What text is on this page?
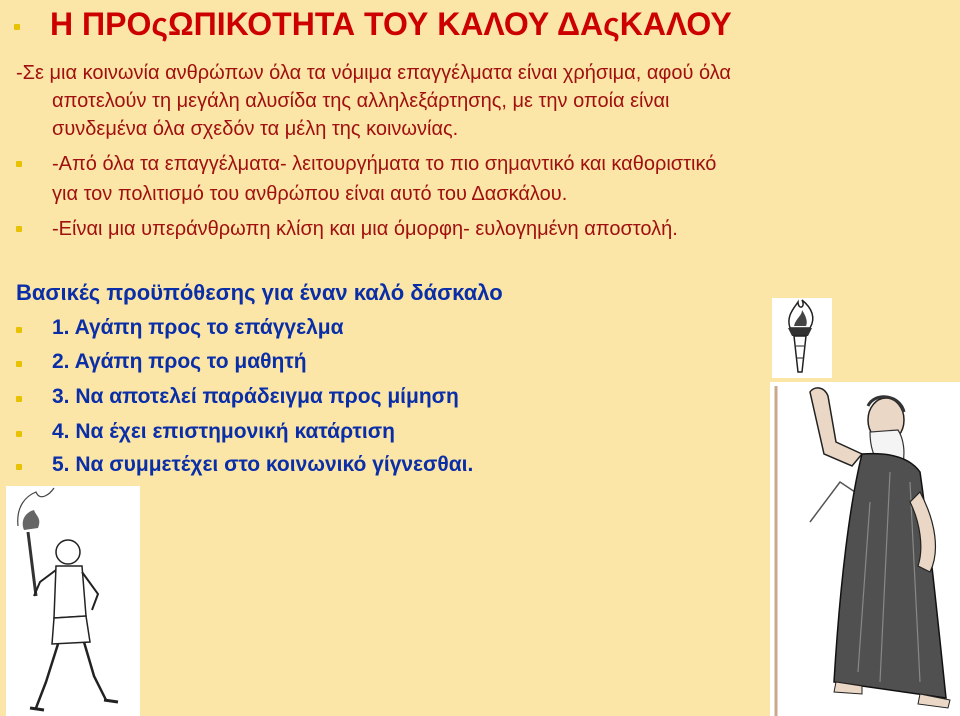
Η ΠΡΟςΩΠΙΚΟΤΗΤΑ ΤΟΥ ΚΑΛΟΥ ΔΑςΚΑΛΟΥ
-Σε μια κοινωνία ανθρώπων όλα τα νόμιμα επαγγέλματα είναι χρήσιμα, αφού όλα
αποτελούν τη μεγάλη αλυσίδα της αλληλεξάρτησης, με την οποία είναι
συνδεμένα όλα σχεδόν τα μέλη της κοινωνίας.
-Από όλα τα επαγγέλματα- λειτουργήματα το πιο σημαντικό και καθοριστικό
για τον πολιτισμό του ανθρώπου είναι αυτό του Δασκάλου.
-Είναι μια υπεράνθρωπη κλίση και μια όμορφη- ευλογημένη αποστολή.
Βασικές προϋπόθεσης για έναν καλό δάσκαλο
1. Αγάπη προς το επάγγελμα
2. Αγάπη προς το μαθητή
3. Να αποτελεί παράδειγμα προς μίμηση
4. Να έχει επιστημονική κατάρτιση
5. Να συμμετέχει στο κοινωνικό γίγνεσθαι.
